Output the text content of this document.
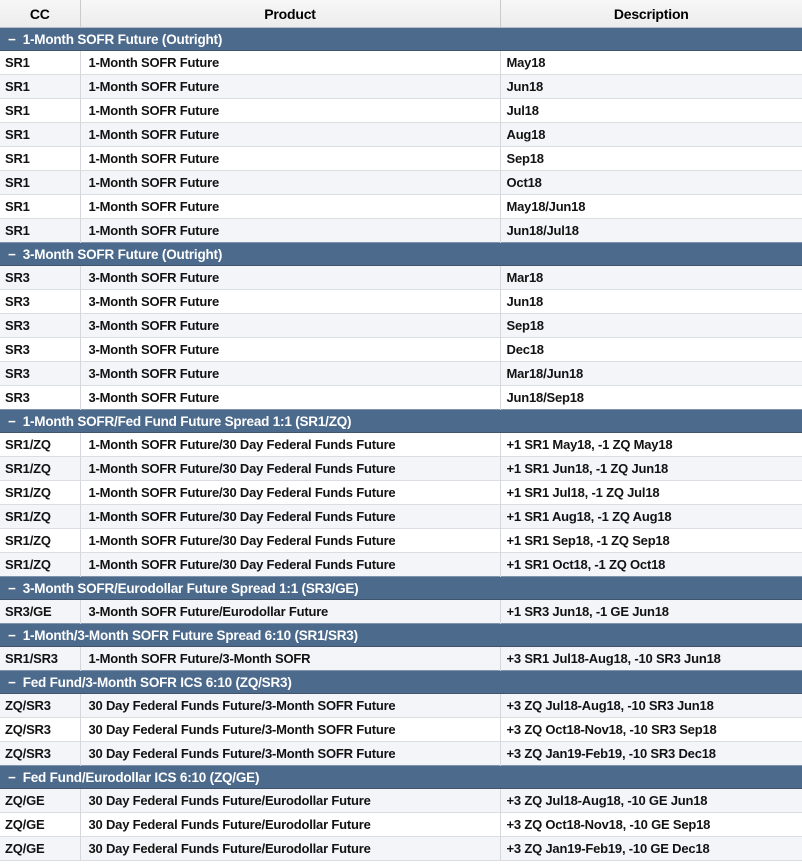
CC	Product	Description
− 1-Month SOFR Future (Outright)		
SR1	1-Month SOFR Future	May18
SR1	1-Month SOFR Future	Jun18
SR1	1-Month SOFR Future	Jul18
SR1	1-Month SOFR Future	Aug18
SR1	1-Month SOFR Future	Sep18
SR1	1-Month SOFR Future	Oct18
SR1	1-Month SOFR Future	May18/Jun18
SR1	1-Month SOFR Future	Jun18/Jul18
− 3-Month SOFR Future (Outright)		
SR3	3-Month SOFR Future	Mar18
SR3	3-Month SOFR Future	Jun18
SR3	3-Month SOFR Future	Sep18
SR3	3-Month SOFR Future	Dec18
SR3	3-Month SOFR Future	Mar18/Jun18
SR3	3-Month SOFR Future	Jun18/Sep18
− 1-Month SOFR/Fed Fund Future Spread 1:1 (SR1/ZQ)		
SR1/ZQ	1-Month SOFR Future/30 Day Federal Funds Future	+1 SR1 May18, -1 ZQ May18
SR1/ZQ	1-Month SOFR Future/30 Day Federal Funds Future	+1 SR1 Jun18, -1 ZQ Jun18
SR1/ZQ	1-Month SOFR Future/30 Day Federal Funds Future	+1 SR1 Jul18, -1 ZQ Jul18
SR1/ZQ	1-Month SOFR Future/30 Day Federal Funds Future	+1 SR1 Aug18, -1 ZQ Aug18
SR1/ZQ	1-Month SOFR Future/30 Day Federal Funds Future	+1 SR1 Sep18, -1 ZQ Sep18
SR1/ZQ	1-Month SOFR Future/30 Day Federal Funds Future	+1 SR1 Oct18, -1 ZQ Oct18
− 3-Month SOFR/Eurodollar Future Spread 1:1 (SR3/GE)		
SR3/GE	3-Month SOFR Future/Eurodollar Future	+1 SR3 Jun18, -1 GE Jun18
− 1-Month/3-Month SOFR Future Spread 6:10 (SR1/SR3)		
SR1/SR3	1-Month SOFR Future/3-Month SOFR	+3 SR1 Jul18-Aug18, -10 SR3 Jun18
− Fed Fund/3-Month SOFR ICS 6:10 (ZQ/SR3)		
ZQ/SR3	30 Day Federal Funds Future/3-Month SOFR Future	+3 ZQ Jul18-Aug18, -10 SR3 Jun18
ZQ/SR3	30 Day Federal Funds Future/3-Month SOFR Future	+3 ZQ Oct18-Nov18, -10 SR3 Sep18
ZQ/SR3	30 Day Federal Funds Future/3-Month SOFR Future	+3 ZQ Jan19-Feb19, -10 SR3 Dec18
− Fed Fund/Eurodollar ICS 6:10 (ZQ/GE)		
ZQ/GE	30 Day Federal Funds Future/Eurodollar Future	+3 ZQ Jul18-Aug18, -10 GE Jun18
ZQ/GE	30 Day Federal Funds Future/Eurodollar Future	+3 ZQ Oct18-Nov18, -10 GE Sep18
ZQ/GE	30 Day Federal Funds Future/Eurodollar Future	+3 ZQ Jan19-Feb19, -10 GE Dec18
